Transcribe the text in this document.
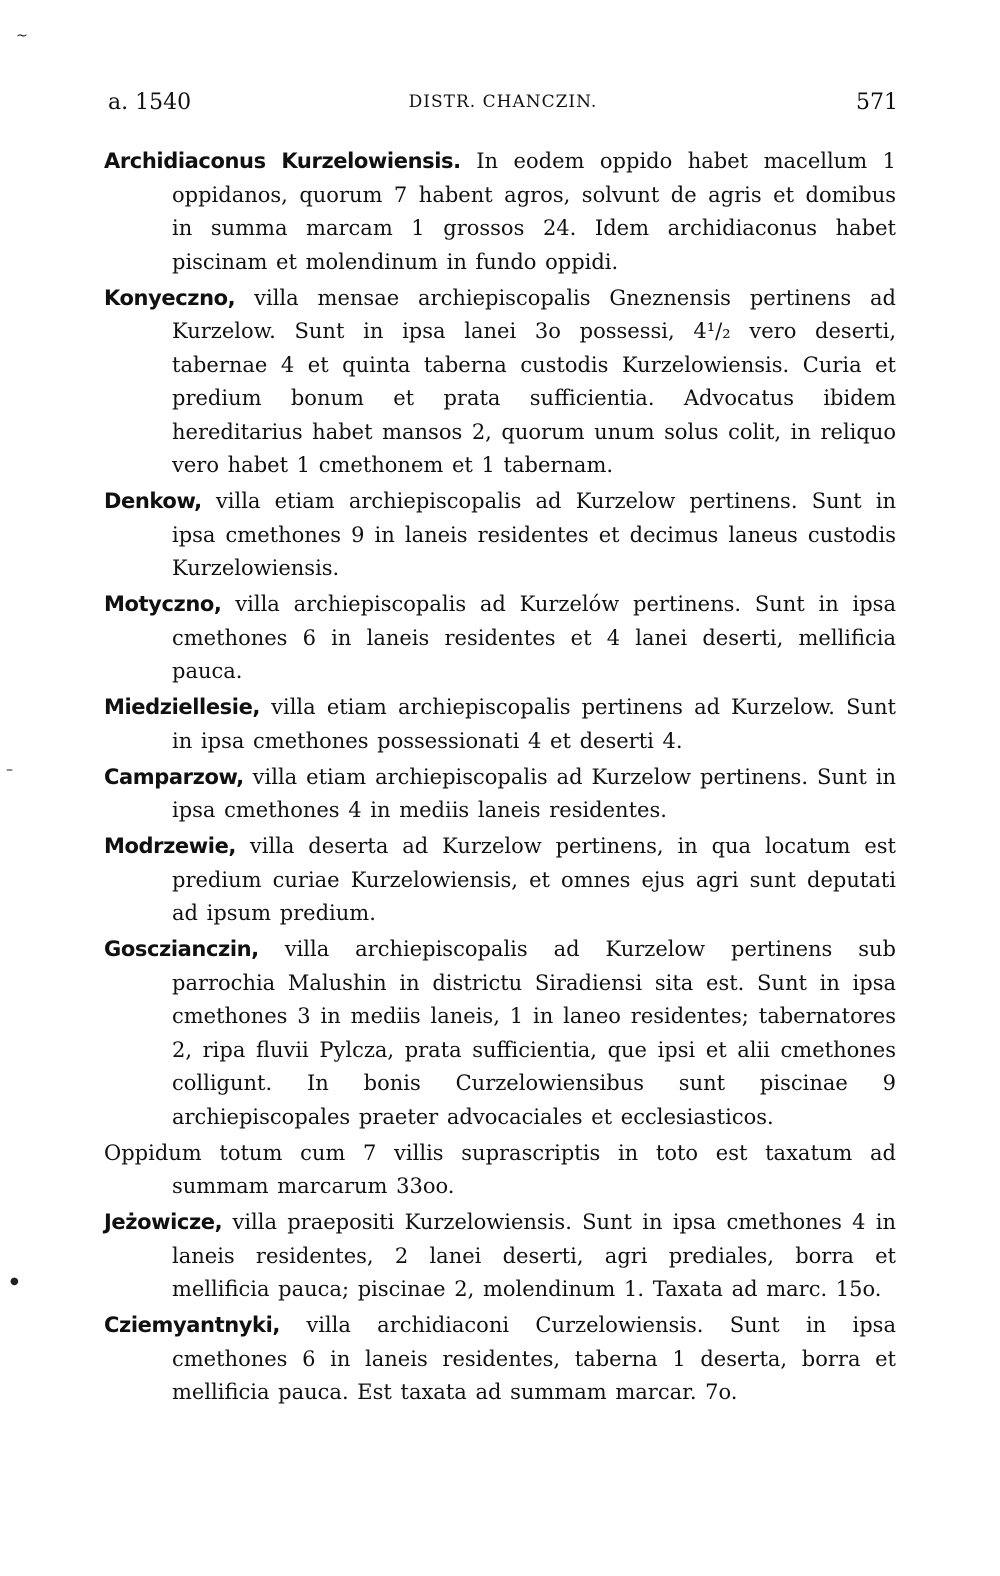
~
–
●
a. 1540	DISTR. CHANCZIN.	571

Archidiaconus Kurzelowiensis. In eodem oppido habet macellum 1 oppidanos, quorum 7 habent agros, solvunt de agris et domibus in summa marcam 1 grossos 24. Idem archidiaconus habet piscinam et molendinum in fundo oppidi.

Konyeczno, villa mensae archiepiscopalis Gneznensis pertinens ad Kurzelow. Sunt in ipsa lanei 3o possessi, 4¹/₂ vero deserti, tabernae 4 et quinta taberna custodis Kurzelowiensis. Curia et predium bonum et prata sufficientia. Advocatus ibidem hereditarius habet mansos 2, quorum unum solus colit, in reliquo vero habet 1 cmethonem et 1 tabernam.

Denkow, villa etiam archiepiscopalis ad Kurzelow pertinens. Sunt in ipsa cmethones 9 in laneis residentes et decimus laneus custodis Kurzelowiensis.

Motyczno, villa archiepiscopalis ad Kurzelów pertinens. Sunt in ipsa cmethones 6 in laneis residentes et 4 lanei deserti, mellificia pauca.

Miedziellesie, villa etiam archiepiscopalis pertinens ad Kurzelow. Sunt in ipsa cmethones possessionati 4 et deserti 4.

Camparzow, villa etiam archiepiscopalis ad Kurzelow pertinens. Sunt in ipsa cmethones 4 in mediis laneis residentes.

Modrzewie, villa deserta ad Kurzelow pertinens, in qua locatum est predium curiae Kurzelowiensis, et omnes ejus agri sunt deputati ad ipsum predium.

Gosczianczin, villa archiepiscopalis ad Kurzelow pertinens sub parrochia Malushin in districtu Siradiensi sita est. Sunt in ipsa cmethones 3 in mediis laneis, 1 in laneo residentes; tabernatores 2, ripa fluvii Pylcza, prata sufficientia, que ipsi et alii cmethones colligunt. In bonis Curzelowiensibus sunt piscinae 9 archiepiscopales praeter advocaciales et ecclesiasticos.

Oppidum totum cum 7 villis suprascriptis in toto est taxatum ad summam marcarum 33oo.

Jeżowicze, villa praepositi Kurzelowiensis. Sunt in ipsa cmethones 4 in laneis residentes, 2 lanei deserti, agri prediales, borra et mellificia pauca; piscinae 2, molendinum 1. Taxata ad marc. 15o.

Cziemyantnyki, villa archidiaconi Curzelowiensis. Sunt in ipsa cmethones 6 in laneis residentes, taberna 1 deserta, borra et mellificia pauca. Est taxata ad summam marcar. 7o.
